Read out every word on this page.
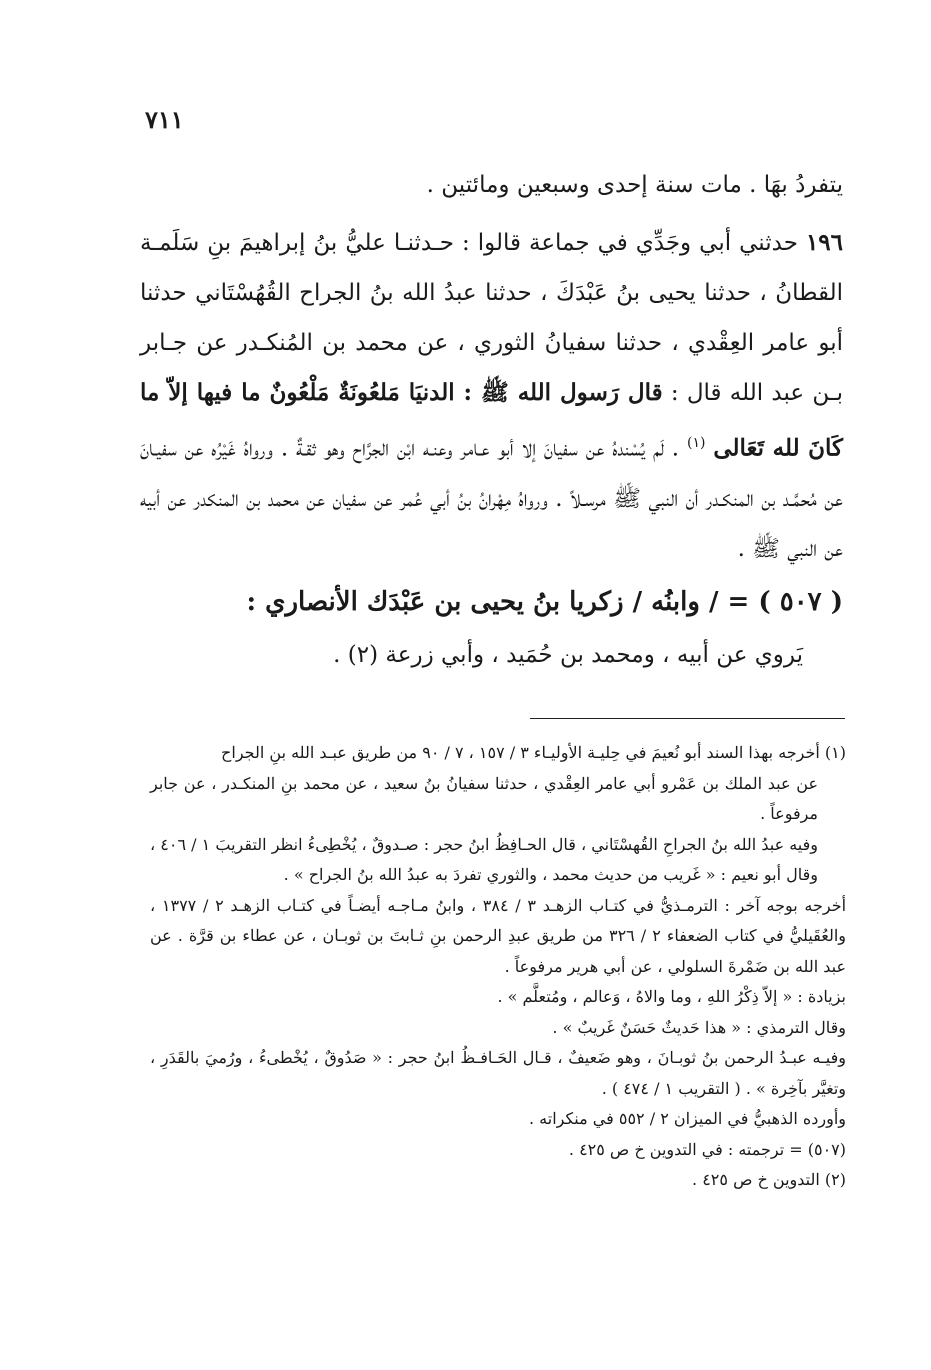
٧١١

يتفردُ بهَا . مات سنة إحدى وسبعين ومائتين .

١٩٦ حدثني أبي وجَدِّي في جماعة قالوا : حـدثنـا عليُّ بنُ إبراهيمَ بنِ سَلَمـة القطانُ ، حدثنا يحيى بنُ عَبْدَكَ ، حدثنا عبدُ الله بنُ الجراح القُهُسْتَاني حدثنا أبو عامر العِقْدي ، حدثنا سفيانُ الثوري ، عن محمد بن المُنكـدر عن جـابر بـن عبد الله قال : قال رَسول الله ﷺ : الدنيَا مَلعُونَةٌ مَلْعُونٌ ما فيها إلاّ ما كَانَ لله تَعَالى $^{(١)}$ . لَم يُسْندهُ عن سفيانَ إلا أبو عـامر وعنـه ابْن الجرَّاح وهو ثقـةٌ . ورواهُ غَيْرُه عن سفيـانَ عن مُحمَّـد بن المنكـدر أن النبي ﷺ مرسـلاً . ورواهُ مِهْرانُ بنُ أبي عُمر عن سفيان عن محمد بن المنكدر عن أبيه عن النبي ﷺ .

( ٥٠٧ ) = / وابنُه / زكريا بنُ يحيى بن عَبْدَك الأنصاري :

يَروي عن أبيه ، ومحمد بن حُمَيد ، وأبي زرعة (٢) .

(١) أخرجه بهذا السند أبو نُعيمَ في حِليـة الأوليـاء ٣ / ١٥٧ ، ٧ / ٩٠ من طريق عبـد الله بنِ الجراح

عن عبد الملك بن عَمْرو أبي عامر العِقْدي ، حدثنا سفيانُ بنُ سعيد ، عن محمد بنِ المنكـدر ، عن جابر مرفوعاً .

وفيه عبدُ الله بنُ الجراحِ القُهسْتَاني ، قال الحـافِظُ ابنُ حجر : صـدوقٌ ، يُخْطِىءُ انظر التقريبَ ١ / ٤٠٦ ، وقال أبو نعيم : « غَريب من حديث محمد ، والثوري تفردَ به عبدُ الله بنُ الجراح » .

أخرجه بوجه آخر : الترمـذيُّ في كتـاب الزهـد ٣ / ٣٨٤ ، وابنُ مـاجـه أيضـاً في كتـاب الزهـد ٢ / ١٣٧٧ ، والعُقَيليُّ في كتاب الضعفاء ٢ / ٣٢٦ من طريق عبدِ الرحمن بنِ ثـابتَ بن ثوبـان ، عن عطاء بن قرَّة . عن عبد الله بن ضَمْرةَ السلولي ، عن أبي هرير مرفوعاً .

بزيادة : « إلاّ ذِكْرُ اللهِ ، وما والاهُ ، وَعالم ، ومُتعلَّم » .

وقال الترمذي : « هذا حَديثٌ حَسَنٌ غَريبٌ » .

وفيـه عبـدُ الرحمن بنُ ثوبـانَ ، وهو ضَعيفٌ ، قـال الحَـافـظُ ابنُ حجر : « صَدُوقٌ ، يُخْطىءُ ، ورُميَ بالقَدَرِ ، وتغيَّر بآخِرة » . ( التقريب ١ / ٤٧٤ ) .

وأورده الذهبيُّ في الميزان ٢ / ٥٥٢ في منكراته .

(٥٠٧) = ترجمته : في التدوين خ ص ٤٢٥ .

(٢) التدوين خ ص ٤٢٥ .
